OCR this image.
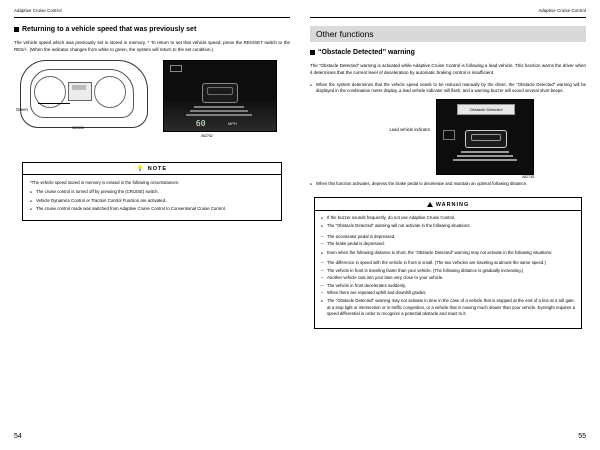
Adaptive Cruise Control
Returning to a vehicle speed that was previously set
The vehicle speed which was previously set is stored in memory. * To return to set that vehicle speed, press the RES/SET switch to the RES/+. (When the indicator changes from white to green, the system will return to the set condition.)
Green
082836	60	MPH
062752
💡 NOTE

*The vehicle speed stored in memory is erased in the following circumstances:

● The cruise control is turned off by pressing the (CRUISE) switch.
● Vehicle Dynamics Control or Traction Control Function are activated.
● The cruise control mode was switched from Adaptive Cruise Control to Conventional Cruise Control.
54
Adaptive Cruise Control
Other functions
“Obstacle Detected” warning
The “Obstacle Detected” warning is activated while Adaptive Cruise Control is following a lead vehicle. This function warns the driver when it determines that the current level of deceleration by automatic braking control is insufficient.
● When the system determines that the vehicle speed needs to be reduced manually by the driver, the “Obstacle Detected” warning will be displayed in the combination meter display, a lead vehicle indicator will flash, and a warning buzzer will sound several short beeps.
Lead vehicle indicator
Obstacle Detected
082735
● When this function activates, depress the brake pedal to decelerate and maintain an optimal following distance.
WARNING
● If the buzzer sounds frequently, do not use Adaptive Cruise Control.
● The “Obstacle Detected” warning will not activate in the following situations:
– The accelerator pedal is depressed.
– The brake pedal is depressed.
● Even when the following distance is short, the “Obstacle Detected” warning may not activate in the following situations:
– The difference in speed with the vehicle in front is small. (The two vehicles are traveling at almost the same speed.)
– The vehicle in front is traveling faster than your vehicle. (The following distance is gradually increasing.)
– Another vehicle cuts into your lane very close to your vehicle.
– The vehicle in front decelerates suddenly.
– When there are repeated uphill and downhill grades.
● The “Obstacle Detected” warning may not activate in time in the case of a vehicle that is stopped at the end of a line at a toll gate, at a stop light or intersection or in traffic congestion, or a vehicle that is moving much slower than your vehicle. EyeSight requires a speed differential in order to recognize a potential obstacle and react to it.
55
